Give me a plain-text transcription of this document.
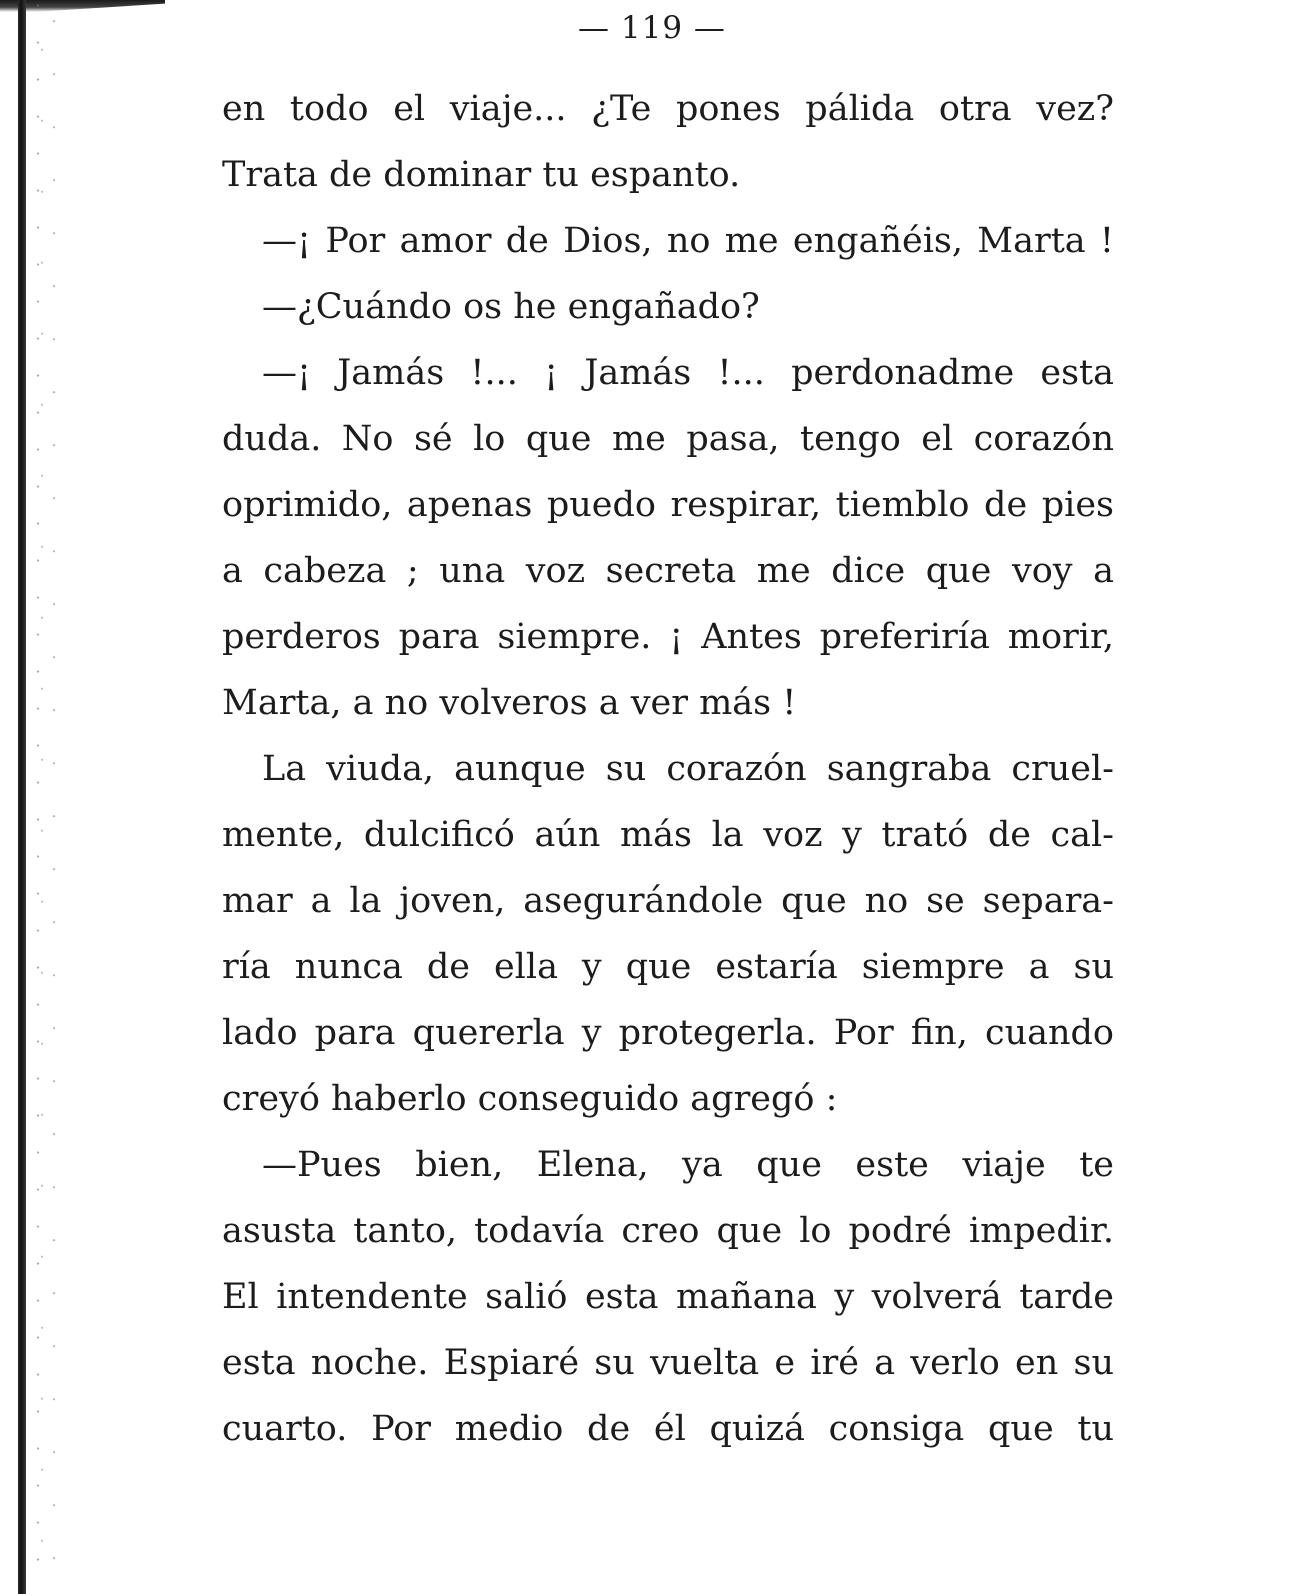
— 119 —
en todo el viaje... ¿Te pones pálida otra vez?
Trata de dominar tu espanto.
—¡ Por amor de Dios, no me engañéis, Marta !
—¿Cuándo os he engañado?
—¡ Jamás !... ¡ Jamás !... perdonadme esta
duda. No sé lo que me pasa, tengo el corazón
oprimido, apenas puedo respirar, tiemblo de pies
a cabeza ; una voz secreta me dice que voy a
perderos para siempre. ¡ Antes preferiría morir,
Marta, a no volveros a ver más !
La viuda, aunque su corazón sangraba cruel-
mente, dulcificó aún más la voz y trató de cal-
mar a la joven, asegurándole que no se separa-
ría nunca de ella y que estaría siempre a su
lado para quererla y protegerla. Por fin, cuando
creyó haberlo conseguido agregó :
—Pues bien, Elena, ya que este viaje te
asusta tanto, todavía creo que lo podré impedir.
El intendente salió esta mañana y volverá tarde
esta noche. Espiaré su vuelta e iré a verlo en su
cuarto. Por medio de él quizá consiga que tu
